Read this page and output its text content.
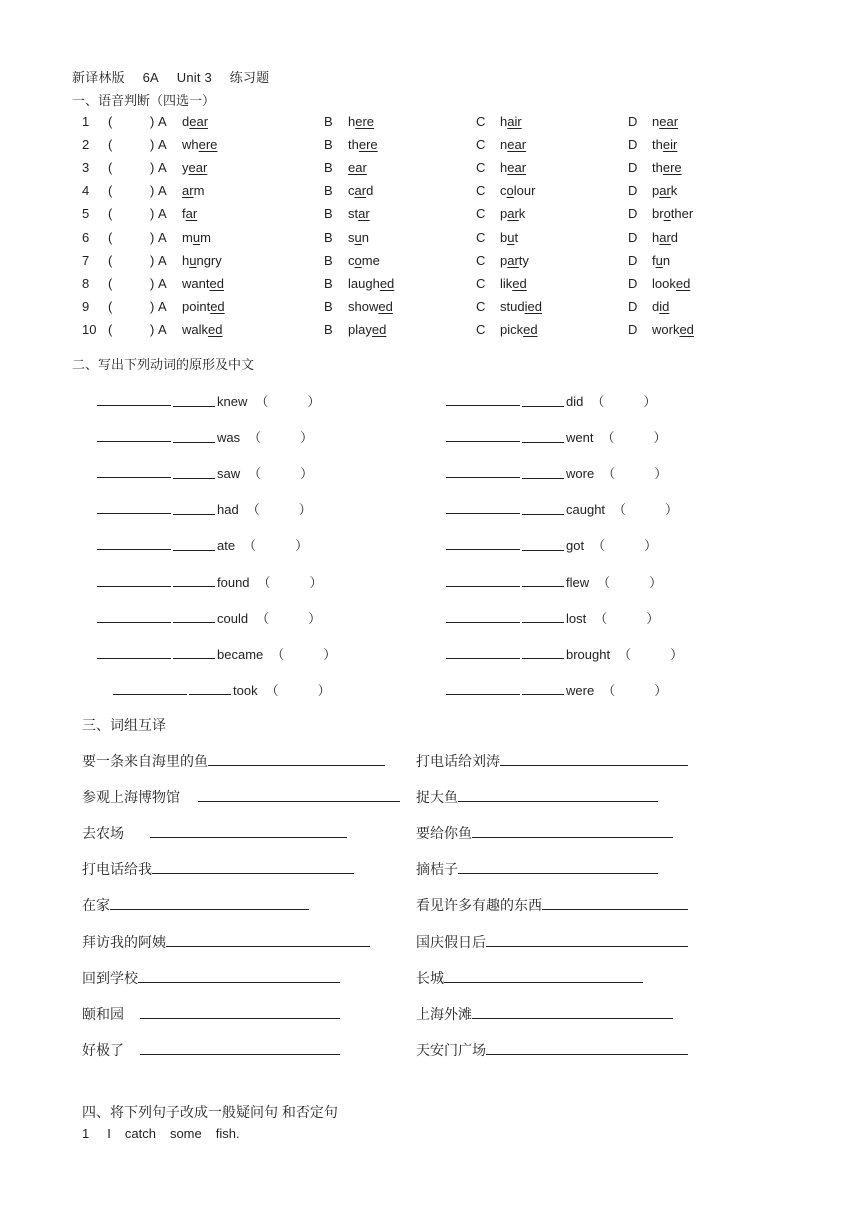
新译林版 6A Unit 3 练习题
一、语音判断（四选一）
1 (	) A dear	B here	C hair	D near
2 (	) A where	B there	C near	D their
3 (	) A year	B ear	C hear	D there
4 (	) A arm	B card	C colour	D park
5 (	) A far	B star	C park	D brother
6 (	) A mum	B sun	C but	D hard
7 (	) A hungry	B come	C party	D fun
8 (	) A wanted	B laughed	C liked	D looked
9 (	) A pointed	B showed	C studied	D did
10 (	) A walked	B played	C picked	D worked
二、写出下列动词的原形及中文
knew （　　　）
was （　　　）
saw （　　　）
had （　　　）
ate （　　　）
found （　　　）
could （　　　）
became （　　　）
took （　　　）
did （　　　）
went （　　　）
wore （　　　）
caught （　　　）
got （　　　）
flew （　　　）
lost （　　　）
brought （　　　）
were （　　　）
三、词组互译
要一条来自海里的鱼
参观上海博物馆
去农场
打电话给我
在家
拜访我的阿姨
回到学校
颐和园
好极了
打电话给刘涛
捉大鱼
要给你鱼
摘桔子
看见许多有趣的东西
国庆假日后
长城
上海外滩
天安门广场
四、将下列句子改成一般疑问句 和否定句
1 I catch some fish.
